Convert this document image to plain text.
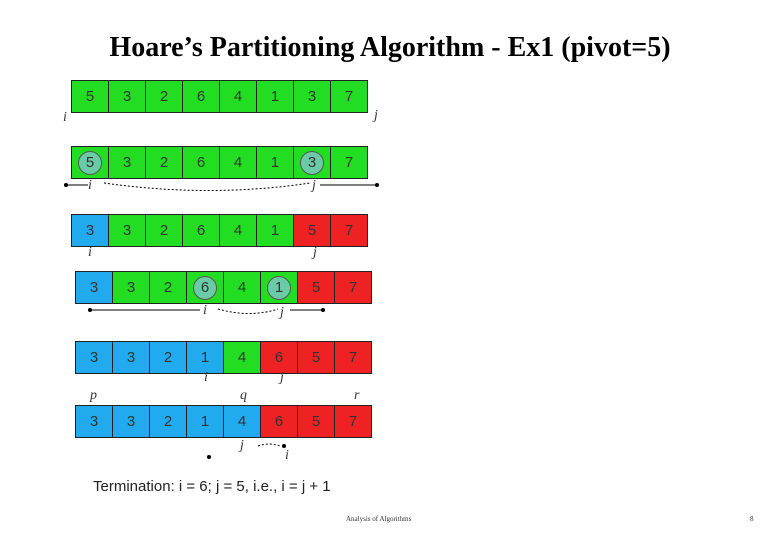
Hoare’s Partitioning Algorithm - Ex1 (pivot=5)
5 3 2 6 4 1 3 7
5 3 2 6 4 1 3 7
3 3 2 6 4 1 5 7
3 3 2 6 4 1 5 7
3 3 2 1 4 6 5 7
3 3 2 1 4 6 5 7
i	j
i	j
i	j
i	j
i	j
p	q	r
j
i
Termination: i = 6; j = 5, i.e., i = j + 1
Analysis of Algorithms	8
